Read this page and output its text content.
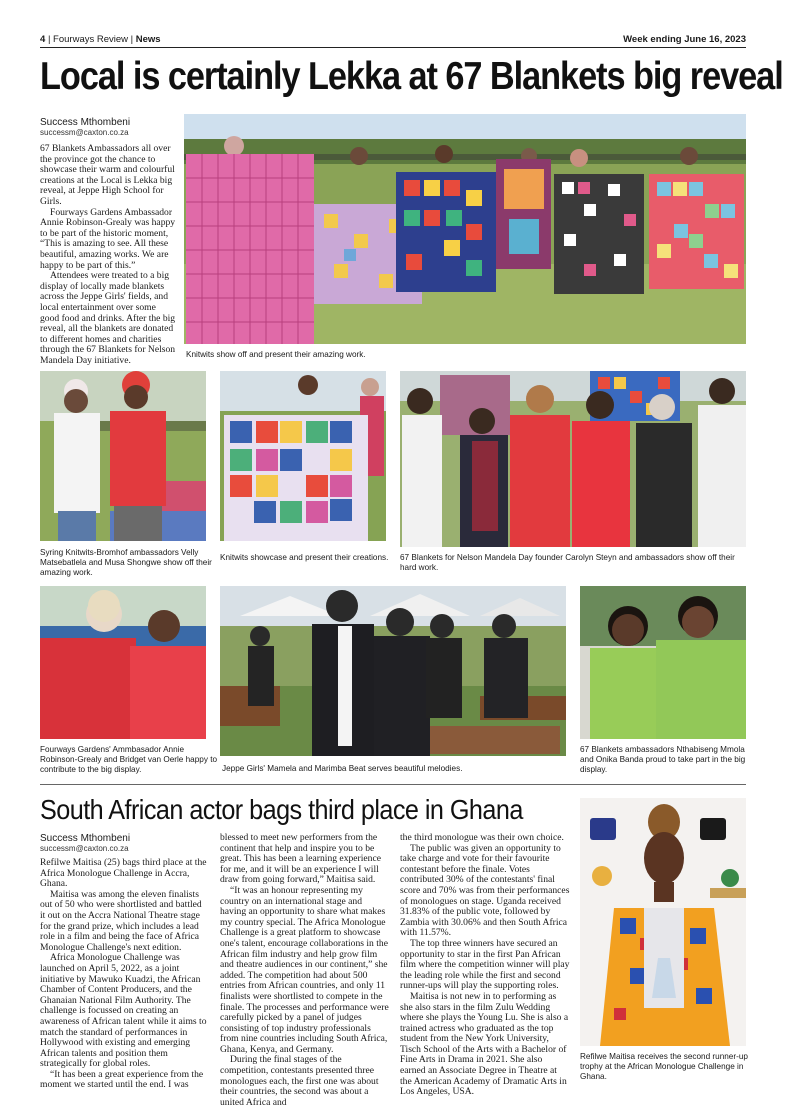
4 | Fourways Review | News	Week ending June 16, 2023
Local is certainly Lekka at 67 Blankets big reveal
Success Mthombeni
successm@caxton.co.za

67 Blankets Ambassadors all over the province got the chance to showcase their warm and colourful creations at the Local is Lekka big reveal, at Jeppe High School for Girls.

Fourways Gardens Ambassador Annie Robinson-Grealy was happy to be part of the historic moment, “This is amazing to see. All these beautiful, amazing works. We are happy to be part of this.”

Attendees were treated to a big display of locally made blankets across the Jeppe Girls' fields, and local entertainment over some good food and drinks. After the big reveal, all the blankets are donated to different homes and charities through the 67 Blankets for Nelson Mandela Day initiative.

Knitwits show off and present their amazing work.
Syring Knitwits-Bromhof ambassadors Velly Matsebatlela and Musa Shongwe show off their amazing work.
Knitwits showcase and present their creations. 67 Blankets for Nelson Mandela Day founder Carolyn Steyn and ambassadors show off their hard work.
Fourways Gardens' Ammbasador Annie Robinson-Grealy and Bridget van Oerle happy to contribute to the big display.	Jeppe Girls' Mamela and Marimba Beat serves beautiful melodies.
67 Blankets ambassadors Nthabiseng Mmola and Onika Banda proud to take part in the big display.
South African actor bags third place in Ghana
Success Mthombeni
successm@caxton.co.za

Refilwe Maitisa (25) bags third place at the Africa Monologue Challenge in Accra, Ghana.

Maitisa was among the eleven finalists out of 50 who were shortlisted and battled it out on the Accra National Theatre stage for the grand prize, which includes a lead role in a film and being the face of Africa Monologue Challenge's next edition.

Africa Monologue Challenge was launched on April 5, 2022, as a joint initiative by Mawuko Kuadzi, the African Chamber of Content Producers, and the Ghanaian National Film Authority. The challenge is focussed on creating an awareness of African talent while it aims to match the standard of performances in Hollywood with existing and emerging African talents and position them strategically for global roles.

“It has been a great experience from the moment we started until the end. I was

blessed to meet new performers from the continent that help and inspire you to be great. This has been a learning experience for me, and it will be an experience I will draw from going forward,” Maitisa said.

“It was an honour representing my country on an international stage and having an opportunity to share what makes my country special. The Africa Monologue Challenge is a great platform to showcase one's talent, encourage collaborations in the African film industry and help grow film and theatre audiences in our continent,” she added. The competition had about 500 entries from African countries, and only 11 finalists were shortlisted to compete in the finale. The processes and performance were carefully picked by a panel of judges consisting of top industry professionals from nine countries including South Africa, Ghana, Kenya, and Germany.

During the final stages of the competition, contestants presented three monologues each, the first one was about their countries, the second was about a united Africa and

the third monologue was their own choice.

The public was given an opportunity to take charge and vote for their favourite contestant before the finale. Votes contributed 30% of the contestants' final score and 70% was from their performances of monologues on stage. Uganda received 31.83% of the public vote, followed by Zambia with 30.06% and then South Africa with 11.57%.

The top three winners have secured an opportunity to star in the first Pan African film where the competition winner will play the leading role while the first and second runner-ups will play the supporting roles.

Maitisa is not new in to performing as she also stars in the film Zulu Wedding where she plays the Young Lu. She is also a trained actress who graduated as the top student from the New York University, Tisch School of the Arts with a Bachelor of Fine Arts in Drama in 2021. She also earned an Associate Degree in Theatre at the American Academy of Dramatic Arts in Los Angeles, USA.

Refilwe Maitisa receives the second runner-up trophy at the African Monologue Challenge in Ghana.
